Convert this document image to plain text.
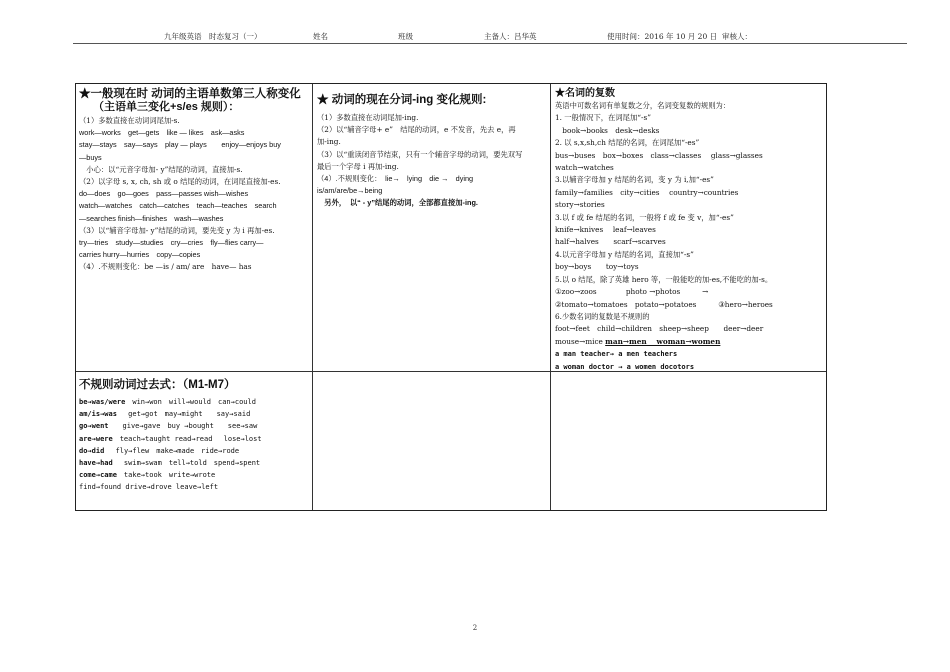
九年级英语　时态复习（一）	姓名	班级	主备人：吕华英	使用时间：2016 年 10 月 20 日 审核人：
★一般现在时 动词的主语单数第三人称变化
（主语单三变化+s/es 规则）：
（1）多数直接在动词词尾加-s.
work—works　get—gets　like — likes　ask—asks
stay—stays　say—says　play — plays　　enjoy—enjoys buy
—buys
　小心：以“元音字母加- y”结尾的动词，直接加-s.
（2）以字母 s, x, ch, sh 或 o 结尾的动词，在词尾直接加-es.
do—does　go—goes　pass—passes wish—wishes
watch—watches　catch—catches　teach—teaches　search
—searches finish—finishes　wash—washes
（3）以“辅音字母加- y”结尾的动词，要先变 y 为 i 再加-es.
try—tries　study—studies　cry—cries　fly—flies carry—
carries hurry—hurries　copy—copies
（4）.不规则变化：be —is / am/ are　have— has
★ 动词的现在分词-ing 变化规则:
（1）多数直接在动词尾加-ing.
（2）以“辅音字母+ e”　结尾的动词，e 不发音，先去 e，再
加-ing.
（3）以“重读闭音节结束，只有一个辅音字母的动词，要先双写
最后一个字母 i 再加-ing.
（4）.不规则变化：　lie→　lying　die →　dying
is/am/are/be→being
　另外，　以“ - y”结尾的动词，全部都直接加-ing.
★名词的复数
英语中可数名词有单复数之分，名词变复数的规则为：
1. 一般情况下，在词尾加“-s”
　book→books　desk→desks
2. 以 s,x,sh,ch 结尾的名词，在词尾加“-es”
bus→buses　box→boxes　class→classes　 glass→glasses
watch→watches
3.以辅音字母加 y 结尾的名词，变 y 为 i,加“-es”
family→families　city→cities　 country→countries
story→stories
3.以 f 或 fe 结尾的名词，一般将 f 或 fe 变 v，加“-es”
knife→knives　 leaf→leaves
half→halves　　scarf→scarves
4.以元音字母加 y 结尾的名词，直接加“-s”
boy→boys　　toy→toys
5.以 o 结尾，除了英雄 hero 等，一般能吃的加-es,不能吃的加-s。
①zoo→zoos　　　　photo →photos　　　→
②tomato→tomatoes　potato→potatoes　　　③hero→heroes
6.少数名词的复数是不规则的
foot→feet　child→children　sheep→sheep　　deer→deer
mouse→mice man→men　 woman→women
a man teacher→ a men teachers
a woman doctor → a women docotors
不规则动词过去式：（M1-M7）
be→was/were　win→won　will→would　can→could
am/is→was　 get→got　may→might　　say→said
go→went　　give→gave　buy →bought　　see→saw
are→were　teach→taught read→read　 lose→lost
do→did　 fly→flew　make→made　ride→rode
have→had　 swim→swam　tell→told　spend→spent
come→came　take→took　write→wrote
find→found drive→drove leave→left
2
